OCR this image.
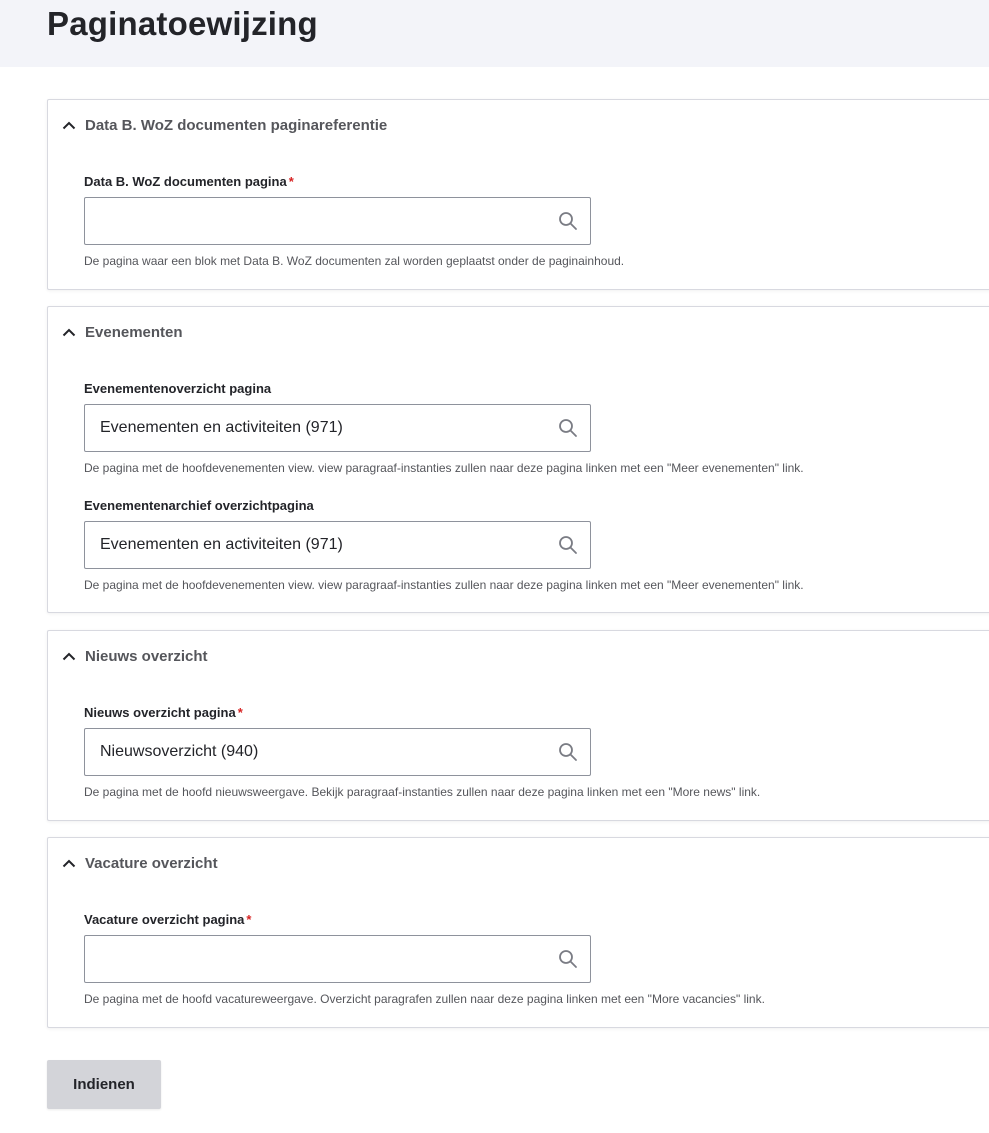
Paginatoewijzing
Data B. WoZ documenten paginareferentie
Data B. WoZ documenten pagina *
De pagina waar een blok met Data B. WoZ documenten zal worden geplaatst onder de paginainhoud.
Evenementen
Evenementenoverzicht pagina
Evenementen en activiteiten (971)
De pagina met de hoofdevenementen view. view paragraaf-instanties zullen naar deze pagina linken met een "Meer evenementen" link.
Evenementenarchief overzichtpagina
Evenementen en activiteiten (971)
De pagina met de hoofdevenementen view. view paragraaf-instanties zullen naar deze pagina linken met een "Meer evenementen" link.
Nieuws overzicht
Nieuws overzicht pagina *
Nieuwsoverzicht (940)
De pagina met de hoofd nieuwsweergave. Bekijk paragraaf-instanties zullen naar deze pagina linken met een "More news" link.
Vacature overzicht
Vacature overzicht pagina *
De pagina met de hoofd vacatureweergave. Overzicht paragrafen zullen naar deze pagina linken met een "More vacancies" link.
Indienen
